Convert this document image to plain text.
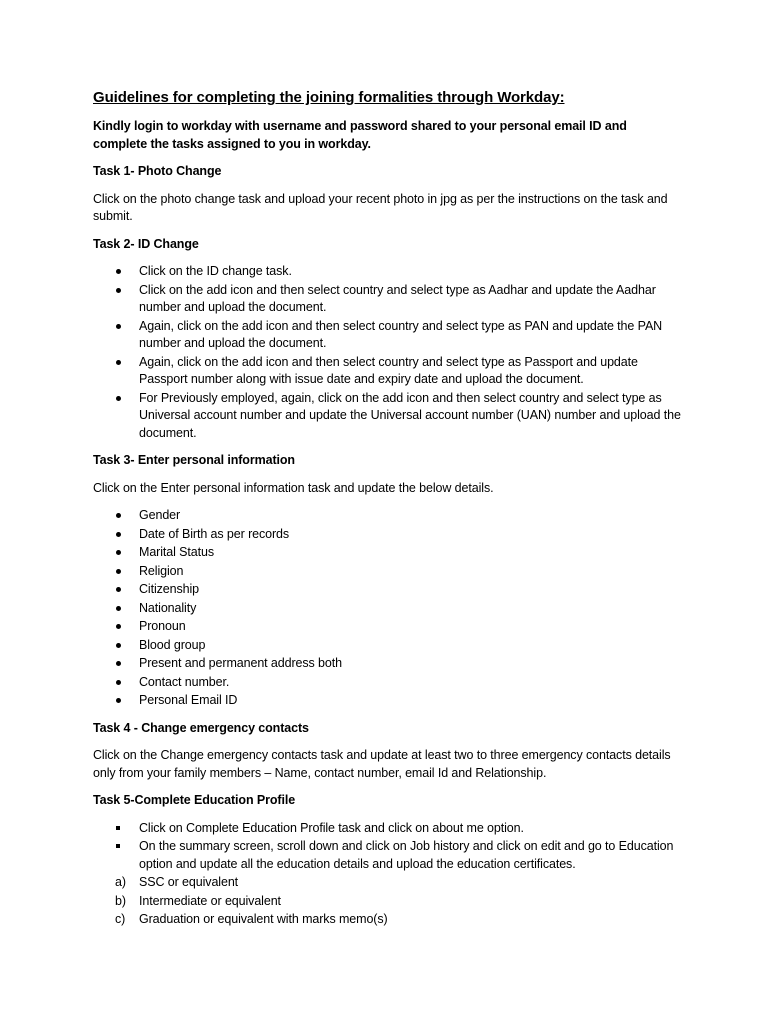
Guidelines for completing the joining formalities through Workday:
Kindly login to workday with username and password shared to your personal email ID and complete the tasks assigned to you in workday.
Task 1- Photo Change
Click on the photo change task and upload your recent photo in jpg as per the instructions on the task and submit.
Task 2- ID Change
Click on the ID change task.
Click on the add icon and then select country and select type as Aadhar and update the Aadhar number and upload the document.
Again, click on the add icon and then select country and select type as PAN and update the PAN number and upload the document.
Again, click on the add icon and then select country and select type as Passport and update Passport number along with issue date and expiry date and upload the document.
For Previously employed, again, click on the add icon and then select country and select type as Universal account number and update the Universal account number (UAN) number and upload the document.
Task 3- Enter personal information
Click on the Enter personal information task and update the below details.
Gender
Date of Birth as per records
Marital Status
Religion
Citizenship
Nationality
Pronoun
Blood group
Present and permanent address both
Contact number.
Personal Email ID
Task 4 - Change emergency contacts
Click on the Change emergency contacts task and update at least two to three emergency contacts details only from your family members – Name, contact number, email Id and Relationship.
Task 5-Complete Education Profile
Click on Complete Education Profile task and click on about me option.
On the summary screen, scroll down and click on Job history and click on edit and go to Education option and update all the education details and upload the education certificates.
a) SSC or equivalent
b) Intermediate or equivalent
c) Graduation or equivalent with marks memo(s)
